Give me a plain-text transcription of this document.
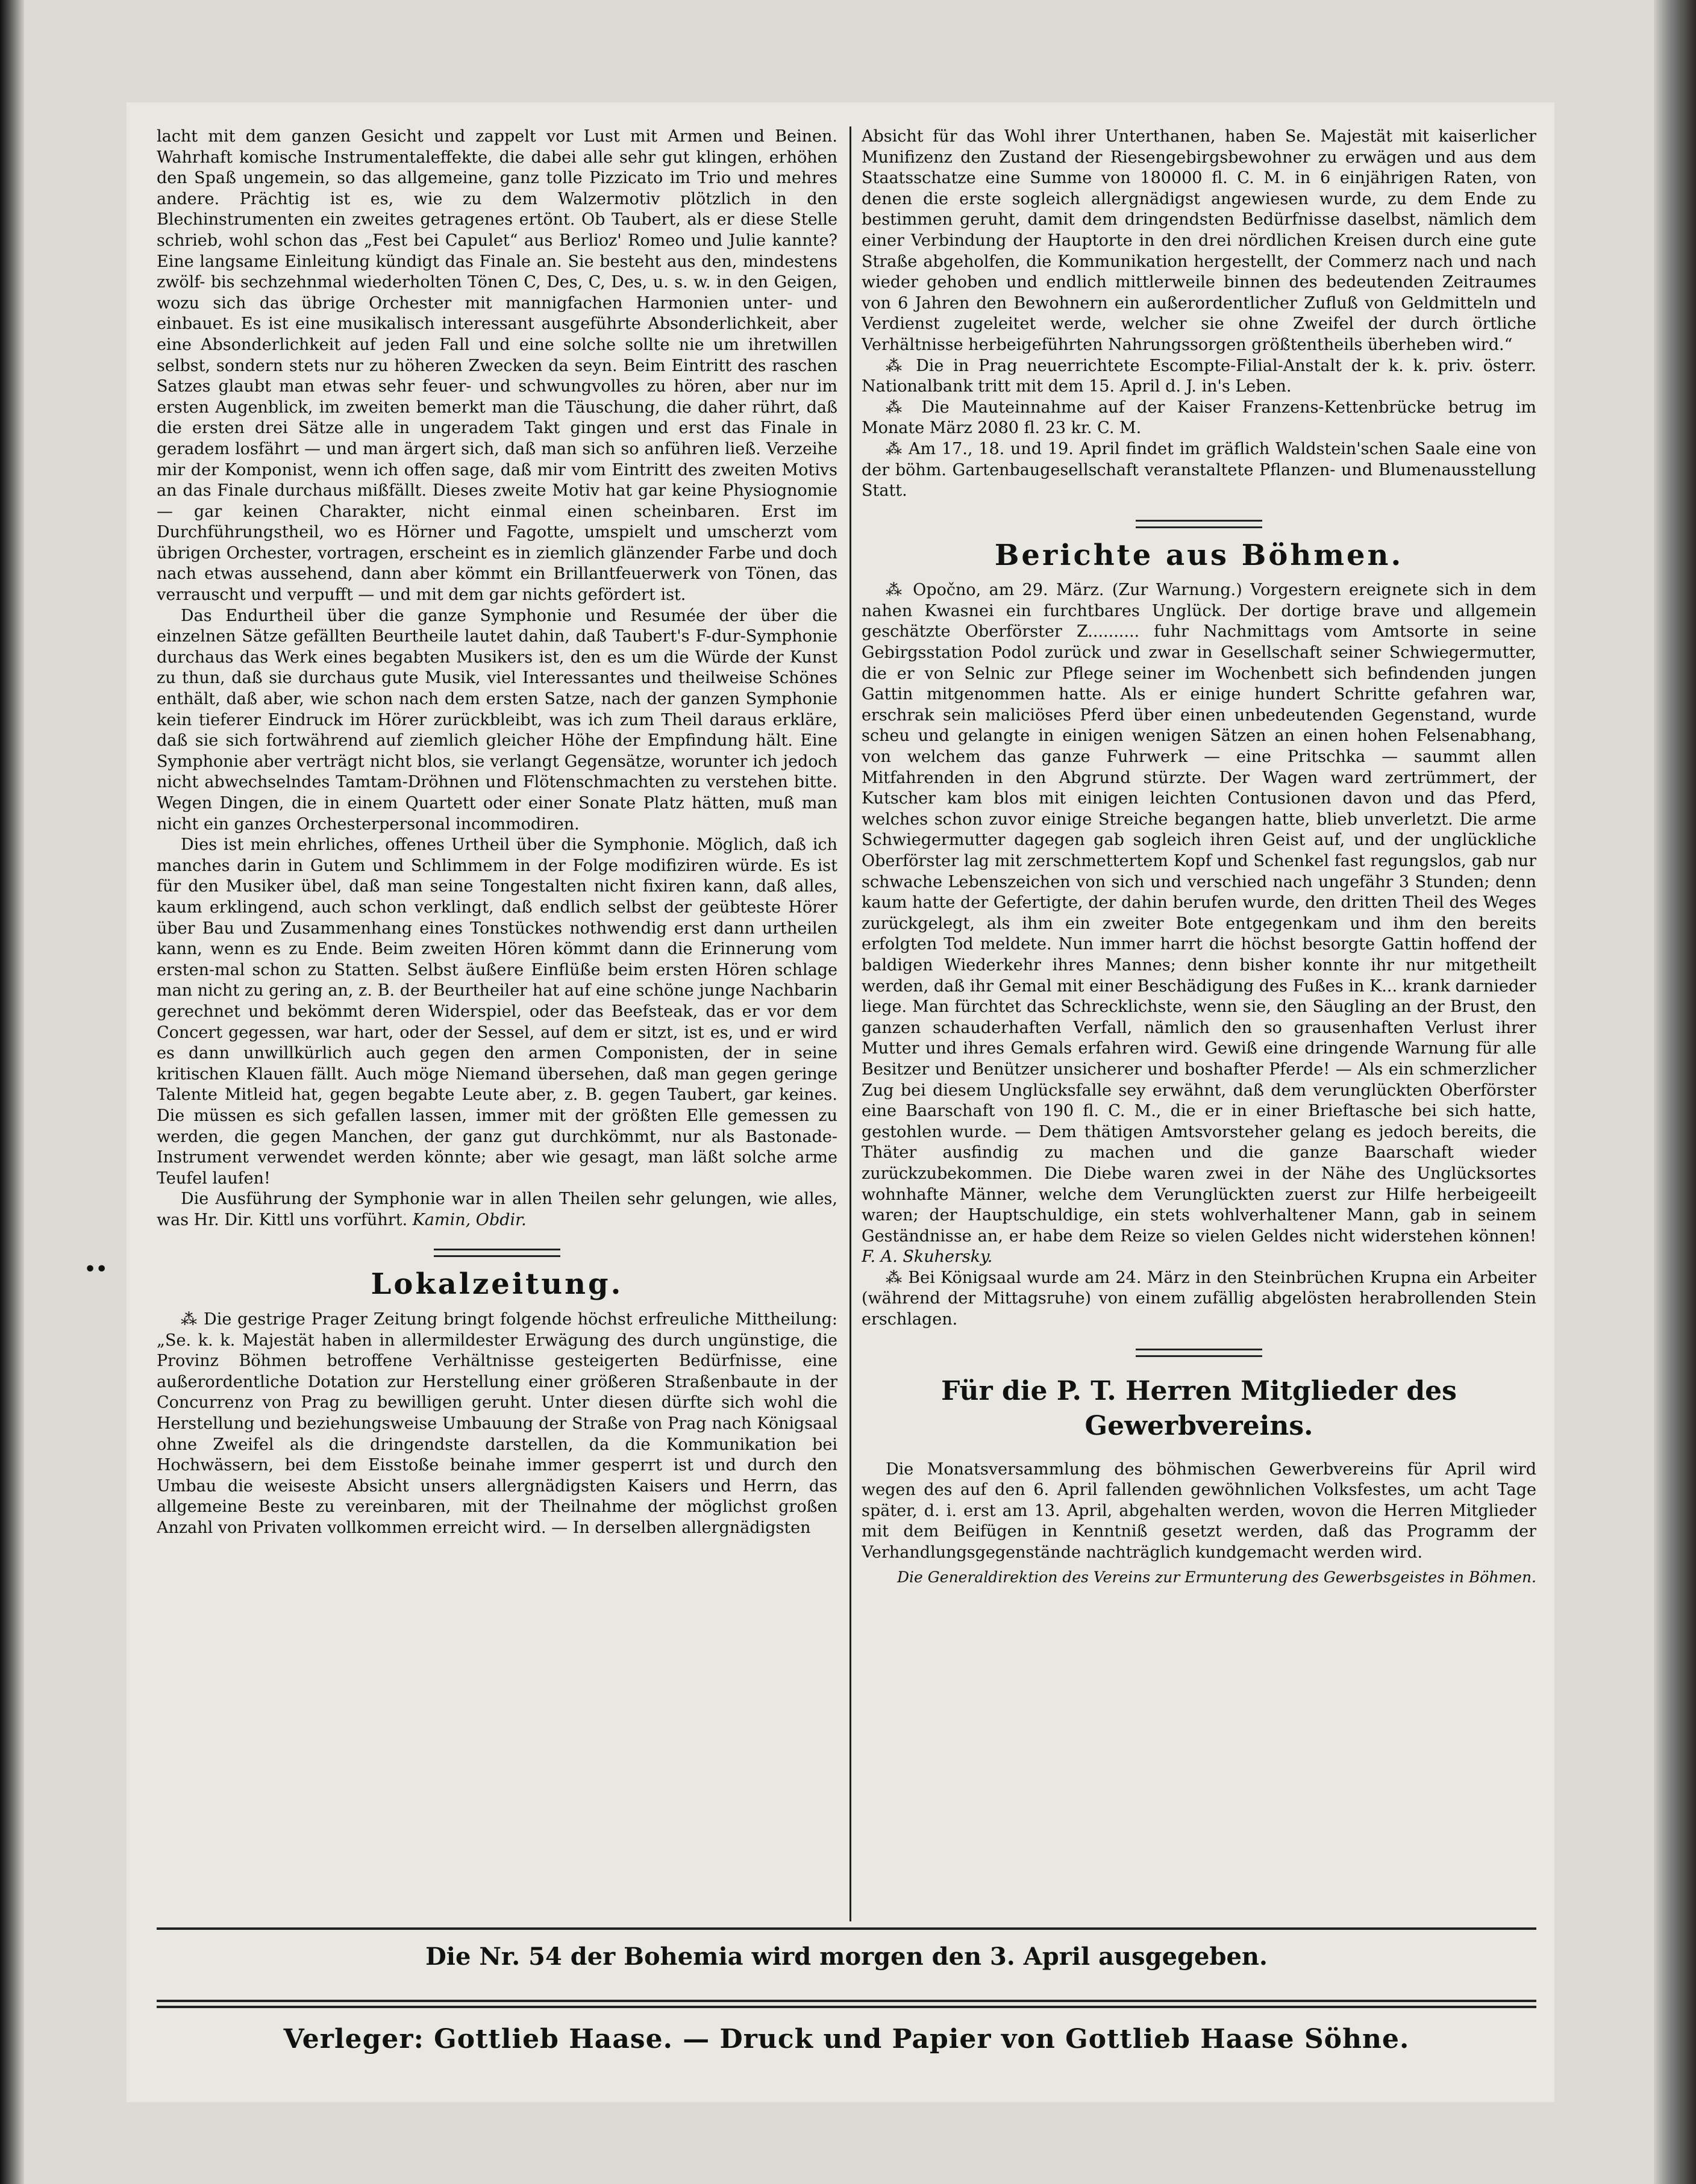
••

lacht mit dem ganzen Gesicht und zappelt vor Lust mit Armen und Beinen. Wahrhaft komische Instrumentaleffekte, die dabei alle sehr gut klingen, erhöhen den Spaß ungemein, so das allgemeine, ganz tolle Pizzicato im Trio und mehres andere. Prächtig ist es, wie zu dem Walzermotiv plötzlich in den Blechinstrumenten ein zweites getragenes ertönt. Ob Taubert, als er diese Stelle schrieb, wohl schon das „Fest bei Capulet“ aus Berlioz' Romeo und Julie kannte? Eine langsame Einleitung kündigt das Finale an. Sie besteht aus den, mindestens zwölf- bis sechzehnmal wiederholten Tönen C, Des, C, Des, u. s. w. in den Geigen, wozu sich das übrige Orchester mit mannigfachen Harmonien unter- und einbauet. Es ist eine musikalisch interessant ausgeführte Absonderlichkeit, aber eine Absonderlichkeit auf jeden Fall und eine solche sollte nie um ihretwillen selbst, sondern stets nur zu höheren Zwecken da seyn. Beim Eintritt des raschen Satzes glaubt man etwas sehr feuer- und schwungvolles zu hören, aber nur im ersten Augenblick, im zweiten bemerkt man die Täuschung, die daher rührt, daß die ersten drei Sätze alle in ungeradem Takt gingen und erst das Finale in geradem losfährt — und man ärgert sich, daß man sich so anführen ließ. Verzeihe mir der Komponist, wenn ich offen sage, daß mir vom Eintritt des zweiten Motivs an das Finale durchaus mißfällt. Dieses zweite Motiv hat gar keine Physiognomie — gar keinen Charakter, nicht einmal einen scheinbaren. Erst im Durchführungstheil, wo es Hörner und Fagotte, umspielt und umscherzt vom übrigen Orchester, vortragen, erscheint es in ziemlich glänzender Farbe und doch nach etwas aussehend, dann aber kömmt ein Brillantfeuerwerk von Tönen, das verrauscht und verpufft — und mit dem gar nichts gefördert ist.

Das Endurtheil über die ganze Symphonie und Resumée der über die einzelnen Sätze gefällten Beurtheile lautet dahin, daß Taubert's F-dur-Symphonie durchaus das Werk eines begabten Musikers ist, den es um die Würde der Kunst zu thun, daß sie durchaus gute Musik, viel Interessantes und theilweise Schönes enthält, daß aber, wie schon nach dem ersten Satze, nach der ganzen Symphonie kein tieferer Eindruck im Hörer zurückbleibt, was ich zum Theil daraus erkläre, daß sie sich fortwährend auf ziemlich gleicher Höhe der Empfindung hält. Eine Symphonie aber verträgt nicht blos, sie verlangt Gegensätze, worunter ich jedoch nicht abwechselndes Tamtam-Dröhnen und Flötenschmachten zu verstehen bitte. Wegen Dingen, die in einem Quartett oder einer Sonate Platz hätten, muß man nicht ein ganzes Orchesterpersonal incommodiren.

Dies ist mein ehrliches, offenes Urtheil über die Symphonie. Möglich, daß ich manches darin in Gutem und Schlimmem in der Folge modifiziren würde. Es ist für den Musiker übel, daß man seine Tongestalten nicht fixiren kann, daß alles, kaum erklingend, auch schon verklingt, daß endlich selbst der geübteste Hörer über Bau und Zusammenhang eines Tonstückes nothwendig erst dann urtheilen kann, wenn es zu Ende. Beim zweiten Hören kömmt dann die Erinnerung vom ersten-mal schon zu Statten. Selbst äußere Einflüße beim ersten Hören schlage man nicht zu gering an, z. B. der Beurtheiler hat auf eine schöne junge Nachbarin gerechnet und bekömmt deren Widerspiel, oder das Beefsteak, das er vor dem Concert gegessen, war hart, oder der Sessel, auf dem er sitzt, ist es, und er wird es dann unwillkürlich auch gegen den armen Componisten, der in seine kritischen Klauen fällt. Auch möge Niemand übersehen, daß man gegen geringe Talente Mitleid hat, gegen begabte Leute aber, z. B. gegen Taubert, gar keines. Die müssen es sich gefallen lassen, immer mit der größten Elle gemessen zu werden, die gegen Manchen, der ganz gut durchkömmt, nur als Bastonade-Instrument verwendet werden könnte; aber wie gesagt, man läßt solche arme Teufel laufen!

Die Ausführung der Symphonie war in allen Theilen sehr gelungen, wie alles, was Hr. Dir. Kittl uns vorführt. Kamin, Obdir.

Lokalzeitung.

⁂ Die gestrige Prager Zeitung bringt folgende höchst erfreuliche Mittheilung: „Se. k. k. Majestät haben in allermildester Erwägung des durch ungünstige, die Provinz Böhmen betroffene Verhältnisse gesteigerten Bedürfnisse, eine außerordentliche Dotation zur Herstellung einer größeren Straßenbaute in der Concurrenz von Prag zu bewilligen geruht. Unter diesen dürfte sich wohl die Herstellung und beziehungsweise Umbauung der Straße von Prag nach Königsaal ohne Zweifel als die dringendste darstellen, da die Kommunikation bei Hochwässern, bei dem Eisstoße beinahe immer gesperrt ist und durch den Umbau die weiseste Absicht unsers allergnädigsten Kaisers und Herrn, das allgemeine Beste zu vereinbaren, mit der Theilnahme der möglichst großen Anzahl von Privaten vollkommen erreicht wird. — In derselben allergnädigsten

Absicht für das Wohl ihrer Unterthanen, haben Se. Majestät mit kaiserlicher Munifizenz den Zustand der Riesengebirgsbewohner zu erwägen und aus dem Staatsschatze eine Summe von 180000 fl. C. M. in 6 einjährigen Raten, von denen die erste sogleich allergnädigst angewiesen wurde, zu dem Ende zu bestimmen geruht, damit dem dringendsten Bedürfnisse daselbst, nämlich dem einer Verbindung der Hauptorte in den drei nördlichen Kreisen durch eine gute Straße abgeholfen, die Kommunikation hergestellt, der Commerz nach und nach wieder gehoben und endlich mittlerweile binnen des bedeutenden Zeitraumes von 6 Jahren den Bewohnern ein außerordentlicher Zufluß von Geldmitteln und Verdienst zugeleitet werde, welcher sie ohne Zweifel der durch örtliche Verhältnisse herbeigeführten Nahrungssorgen größtentheils überheben wird.“

⁂ Die in Prag neuerrichtete Escompte-Filial-Anstalt der k. k. priv. österr. Nationalbank tritt mit dem 15. April d. J. in's Leben.

⁂ Die Mauteinnahme auf der Kaiser Franzens-Kettenbrücke betrug im Monate März 2080 fl. 23 kr. C. M.

⁂ Am 17., 18. und 19. April findet im gräflich Waldstein'schen Saale eine von der böhm. Gartenbaugesellschaft veranstaltete Pflanzen- und Blumenausstellung Statt.

Berichte aus Böhmen.

⁂ Opočno, am 29. März. (Zur Warnung.) Vorgestern ereignete sich in dem nahen Kwasnei ein furchtbares Unglück. Der dortige brave und allgemein geschätzte Oberförster Z.......... fuhr Nachmittags vom Amtsorte in seine Gebirgsstation Podol zurück und zwar in Gesellschaft seiner Schwiegermutter, die er von Selnic zur Pflege seiner im Wochenbett sich befindenden jungen Gattin mitgenommen hatte. Als er einige hundert Schritte gefahren war, erschrak sein maliciöses Pferd über einen unbedeutenden Gegenstand, wurde scheu und gelangte in einigen wenigen Sätzen an einen hohen Felsenabhang, von welchem das ganze Fuhrwerk — eine Pritschka — saummt allen Mitfahrenden in den Abgrund stürzte. Der Wagen ward zertrümmert, der Kutscher kam blos mit einigen leichten Contusionen davon und das Pferd, welches schon zuvor einige Streiche begangen hatte, blieb unverletzt. Die arme Schwiegermutter dagegen gab sogleich ihren Geist auf, und der unglückliche Oberförster lag mit zerschmettertem Kopf und Schenkel fast regungslos, gab nur schwache Lebenszeichen von sich und verschied nach ungefähr 3 Stunden; denn kaum hatte der Gefertigte, der dahin berufen wurde, den dritten Theil des Weges zurückgelegt, als ihm ein zweiter Bote entgegenkam und ihm den bereits erfolgten Tod meldete. Nun immer harrt die höchst besorgte Gattin hoffend der baldigen Wiederkehr ihres Mannes; denn bisher konnte ihr nur mitgetheilt werden, daß ihr Gemal mit einer Beschädigung des Fußes in K... krank darnieder liege. Man fürchtet das Schrecklichste, wenn sie, den Säugling an der Brust, den ganzen schauderhaften Verfall, nämlich den so grausenhaften Verlust ihrer Mutter und ihres Gemals erfahren wird. Gewiß eine dringende Warnung für alle Besitzer und Benützer unsicherer und boshafter Pferde! — Als ein schmerzlicher Zug bei diesem Unglücksfalle sey erwähnt, daß dem verunglückten Oberförster eine Baarschaft von 190 fl. C. M., die er in einer Brieftasche bei sich hatte, gestohlen wurde. — Dem thätigen Amtsvorsteher gelang es jedoch bereits, die Thäter ausfindig zu machen und die ganze Baarschaft wieder zurückzubekommen. Die Diebe waren zwei in der Nähe des Unglücksortes wohnhafte Männer, welche dem Verunglückten zuerst zur Hilfe herbeigeeilt waren; der Hauptschuldige, ein stets wohlverhaltener Mann, gab in seinem Geständnisse an, er habe dem Reize so vielen Geldes nicht widerstehen können! F. A. Skuhersky.

⁂ Bei Königsaal wurde am 24. März in den Steinbrüchen Krupna ein Arbeiter (während der Mittagsruhe) von einem zufällig abgelösten herabrollenden Stein erschlagen.

Für die P. T. Herren Mitglieder des Gewerbvereins.

Die Monatsversammlung des böhmischen Gewerbvereins für April wird wegen des auf den 6. April fallenden gewöhnlichen Volksfestes, um acht Tage später, d. i. erst am 13. April, abgehalten werden, wovon die Herren Mitglieder mit dem Beifügen in Kenntniß gesetzt werden, daß das Programm der Verhandlungsgegenstände nachträglich kundgemacht werden wird.

Die Generaldirektion des Vereins zur Ermunterung des Gewerbsgeistes in Böhmen.
Die Nr. 54 der Bohemia wird morgen den 3. April ausgegeben.
Verleger: Gottlieb Haase. — Druck und Papier von Gottlieb Haase Söhne.
